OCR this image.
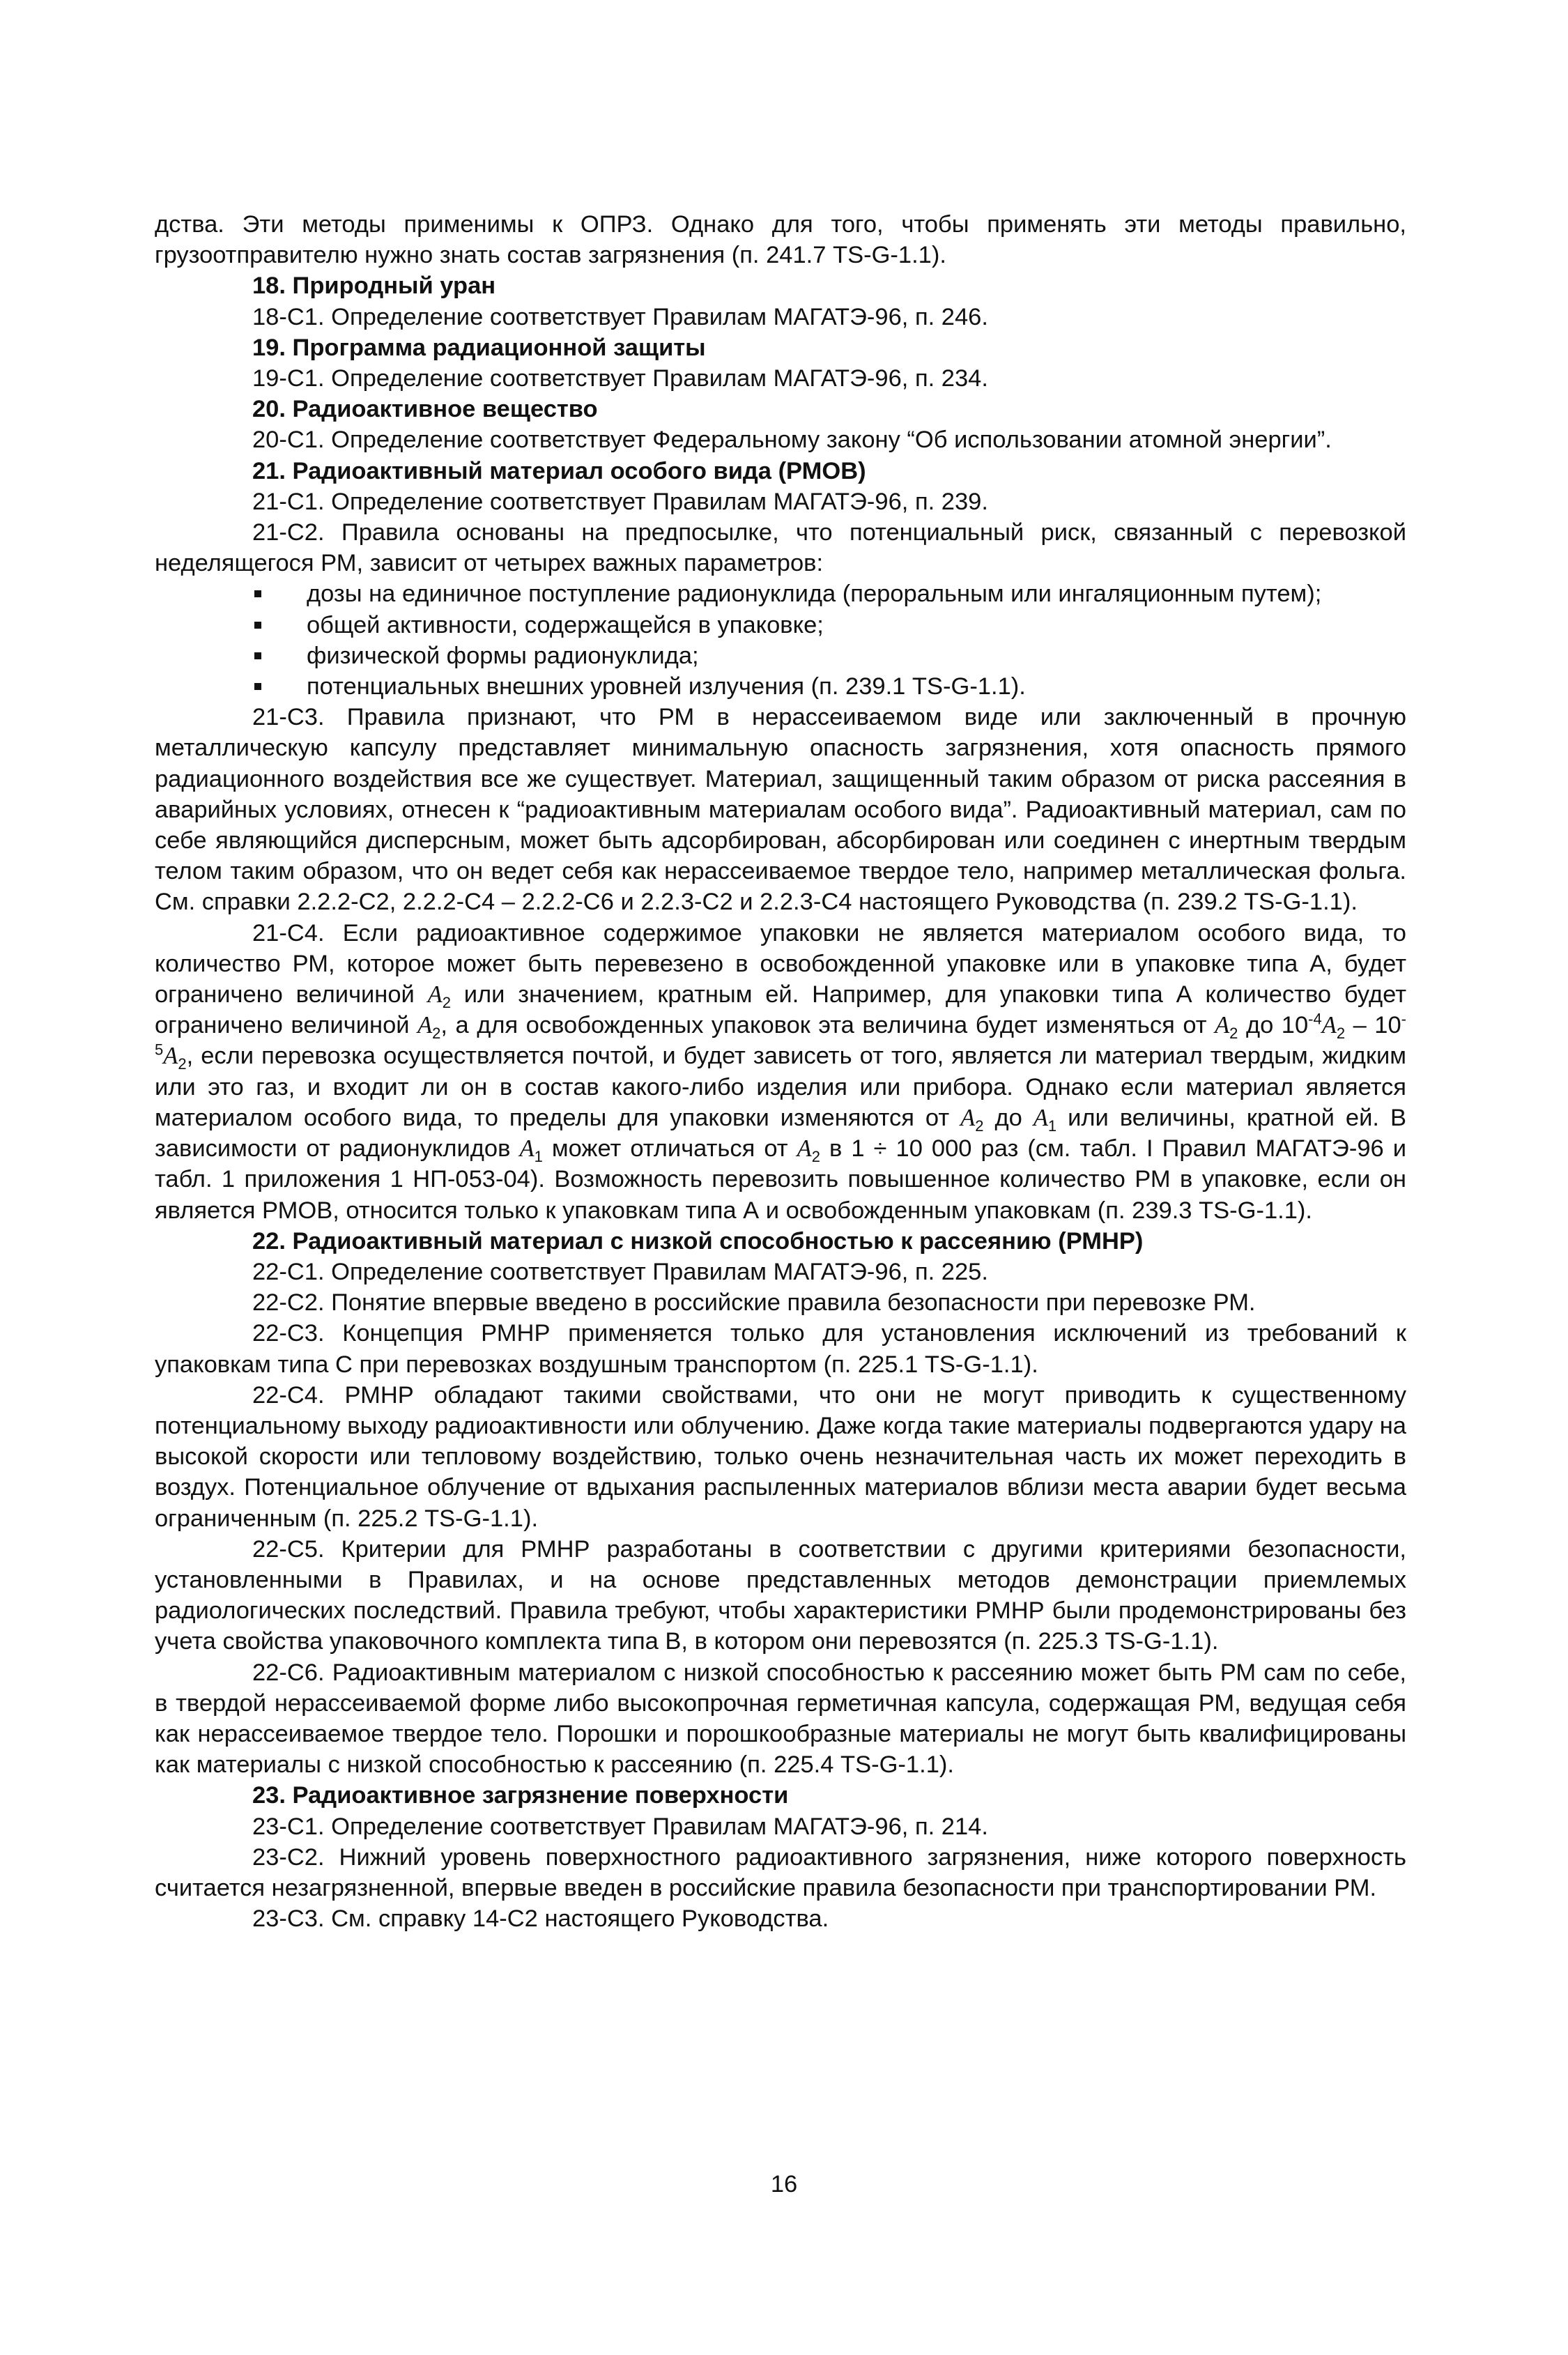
дства. Эти методы применимы к ОПРЗ. Однако для того, чтобы применять эти методы правильно, грузоотправителю нужно знать состав загрязнения (п. 241.7 TS-G-1.1).

18. Природный уран

18-C1. Определение соответствует Правилам МАГАТЭ-96, п. 246.

19. Программа радиационной защиты

19-C1. Определение соответствует Правилам МАГАТЭ-96, п. 234.

20. Радиоактивное вещество

20-C1. Определение соответствует Федеральному закону “Об использовании атомной энергии”.

21. Радиоактивный материал особого вида (РМОВ)

21-C1. Определение соответствует Правилам МАГАТЭ-96, п. 239.

21-C2. Правила основаны на предпосылке, что потенциальный риск, связанный с перевозкой неделящегося РМ, зависит от четырех важных параметров:

дозы на единичное поступление радионуклида (пероральным или ингаляционным путем);
общей активности, содержащейся в упаковке;
физической формы радионуклида;
потенциальных внешних уровней излучения (п. 239.1 TS-G-1.1).

21-C3. Правила признают, что РМ в нерассеиваемом виде или заключенный в прочную металлическую капсулу представляет минимальную опасность загрязнения, хотя опасность прямого радиационного воздействия все же существует. Материал, защищенный таким образом от риска рассеяния в аварийных условиях, отнесен к “радиоактивным материалам особого вида”. Радиоактивный материал, сам по себе являющийся дисперсным, может быть адсорбирован, абсорбирован или соединен с инертным твердым телом таким образом, что он ведет себя как нерассеиваемое твердое тело, например металлическая фольга. См. справки 2.2.2-C2, 2.2.2-C4 – 2.2.2-C6 и 2.2.3-C2 и 2.2.3-C4 настоящего Руководства (п. 239.2 TS-G-1.1).

21-C4. Если радиоактивное содержимое упаковки не является материалом особого вида, то количество РМ, которое может быть перевезено в освобожденной упаковке или в упаковке типа А, будет ограничено величиной $A_2$ или значением, кратным ей. Например, для упаковки типа А количество будет ограничено величиной $A_2$, а для освобожденных упаковок эта величина будет изменяться от $A_2$ до $10^{-4}A_2 - 10^{-5}A_2$, если перевозка осуществляется почтой, и будет зависеть от того, является ли материал твердым, жидким или это газ, и входит ли он в состав какого-либо изделия или прибора. Однако если материал является материалом особого вида, то пределы для упаковки изменяются от $A_2$ до $A_1$ или величины, кратной ей. В зависимости от радионуклидов $A_1$ может отличаться от $A_2$ в 1 ÷ 10 000 раз (см. табл. I Правил МАГАТЭ-96 и табл. 1 приложения 1 НП-053-04). Возможность перевозить повышенное количество РМ в упаковке, если он является РМОВ, относится только к упаковкам типа А и освобожденным упаковкам (п. 239.3 TS-G-1.1).

22. Радиоактивный материал с низкой способностью к рассеянию (РМНР)

22-C1. Определение соответствует Правилам МАГАТЭ-96, п. 225.

22-C2. Понятие впервые введено в российские правила безопасности при перевозке РМ.

22-C3. Концепция РМНР применяется только для установления исключений из требований к упаковкам типа С при перевозках воздушным транспортом (п. 225.1 TS-G-1.1).

22-C4. РМНР обладают такими свойствами, что они не могут приводить к существенному потенциальному выходу радиоактивности или облучению. Даже когда такие материалы подвергаются удару на высокой скорости или тепловому воздействию, только очень незначительная часть их может переходить в воздух. Потенциальное облучение от вдыхания распыленных материалов вблизи места аварии будет весьма ограниченным (п. 225.2 TS-G-1.1).

22-C5. Критерии для РМНР разработаны в соответствии с другими критериями безопасности, установленными в Правилах, и на основе представленных методов демонстрации приемлемых радиологических последствий. Правила требуют, чтобы характеристики РМНР были продемонстрированы без учета свойства упаковочного комплекта типа В, в котором они перевозятся (п. 225.3 TS-G-1.1).

22-C6. Радиоактивным материалом с низкой способностью к рассеянию может быть РМ сам по себе, в твердой нерассеиваемой форме либо высокопрочная герметичная капсула, содержащая РМ, ведущая себя как нерассеиваемое твердое тело. Порошки и порошкообразные материалы не могут быть квалифицированы как материалы с низкой способностью к рассеянию (п. 225.4 TS-G-1.1).

23. Радиоактивное загрязнение поверхности

23-C1. Определение соответствует Правилам МАГАТЭ-96, п. 214.

23-C2. Нижний уровень поверхностного радиоактивного загрязнения, ниже которого поверхность считается незагрязненной, впервые введен в российские правила безопасности при транспортировании РМ.

23-C3. См. справку 14-C2 настоящего Руководства.

16
